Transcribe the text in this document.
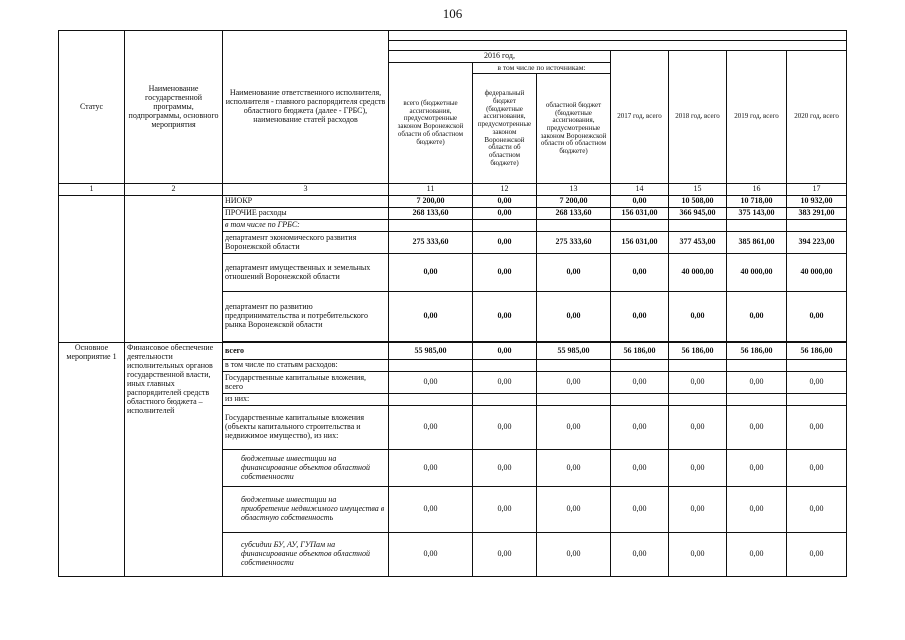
106
Статус	Наименование государственной программы, подпрограммы, основного мероприятия	Наименование ответственного исполнителя, исполнителя - главного распорядителя средств областного бюджета (далее - ГРБС), наименование статей расходов							

			2016 год,			2017 год, всего	2018 год, всего	2019 год, всего	2020 год, всего
			всего (бюджетные ассигнования, предусмотренные законом Воронежской области об областном бюджете)	в том числе по источникам:					
				федеральный бюджет (бюджетные ассигнования, предусмотренные законом Воронежской области об областном бюджете)	областной бюджет (бюджетные ассигнования, предусмотренные законом Воронежской области об областном бюджете)				
1	2	3	11	12	13	14	15	16	17
		НИОКР	7 200,00	0,00	7 200,00	0,00	10 508,00	10 718,00	10 932,00
		ПРОЧИЕ расходы	268 133,60	0,00	268 133,60	156 031,00	366 945,00	375 143,00	383 291,00
		в том числе по ГРБС:							
		департамент экономического развития Воронежской области	275 333,60	0,00	275 333,60	156 031,00	377 453,00	385 861,00	394 223,00
		департамент имущественных и земельных отношений Воронежской области	0,00	0,00	0,00	0,00	40 000,00	40 000,00	40 000,00
		департамент по развитию предпринимательства и потребительского рынка Воронежской области	0,00	0,00	0,00	0,00	0,00	0,00	0,00

Основное мероприятие 1	Финансовое обеспечение деятельности исполнительных органов государственной власти, иных главных распорядителей средств областного бюджета – исполнителей	всего	55 985,00	0,00	55 985,00	56 186,00	56 186,00	56 186,00	56 186,00
		в том числе по статьям расходов:							
		Государственные капитальные вложения, всего	0,00	0,00	0,00	0,00	0,00	0,00	0,00
		из них:							
		Государственные капитальные вложения (объекты капитального строительства и недвижимое имущество), из них:	0,00	0,00	0,00	0,00	0,00	0,00	0,00
		бюджетные инвестиции на финансирование объектов областной собственности	0,00	0,00	0,00	0,00	0,00	0,00	0,00
		бюджетные инвестиции на приобретение недвижимого имущества в областную собственность	0,00	0,00	0,00	0,00	0,00	0,00	0,00
		субсидии БУ, АУ, ГУПам на финансирование объектов областной собственности	0,00	0,00	0,00	0,00	0,00	0,00	0,00
